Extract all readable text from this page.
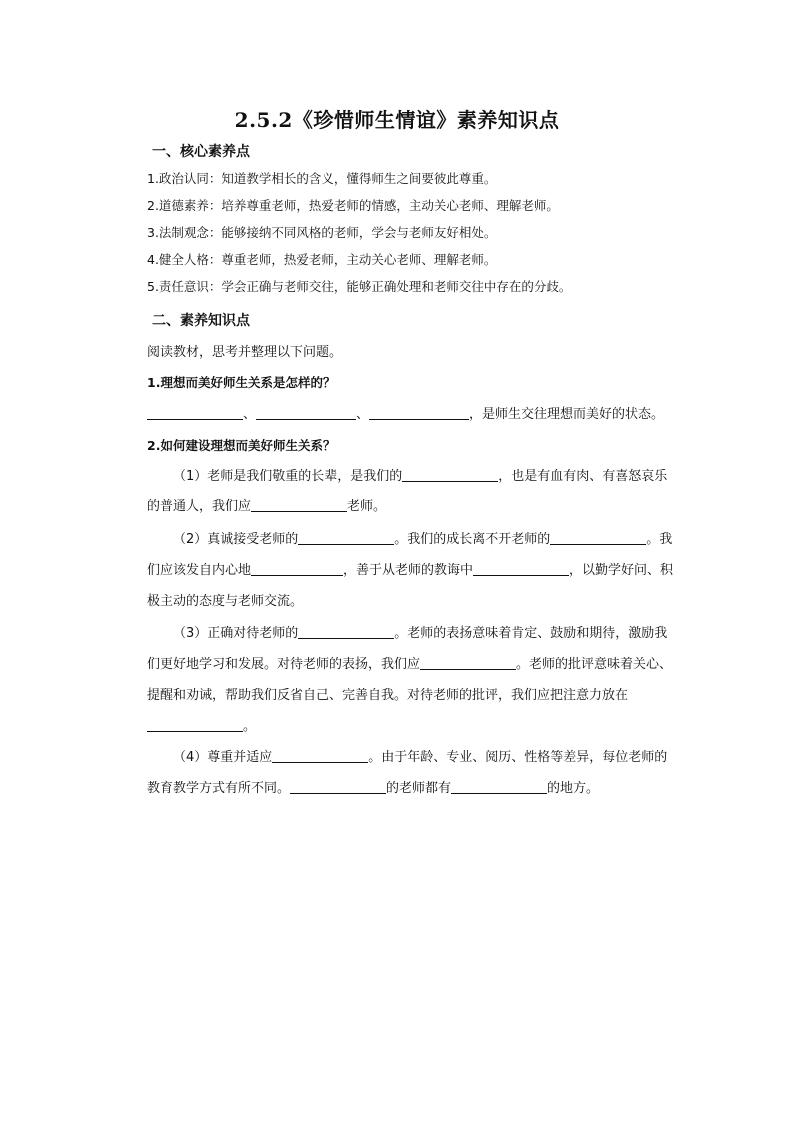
2.5.2《珍惜师生情谊》素养知识点
一、核心素养点
1.政治认同：知道教学相长的含义，懂得师生之间要彼此尊重。
2.道德素养：培养尊重老师，热爱老师的情感，主动关心老师、理解老师。
3.法制观念：能够接纳不同风格的老师，学会与老师友好相处。
4.健全人格：尊重老师，热爱老师，主动关心老师、理解老师。
5.责任意识：学会正确与老师交往，能够正确处理和老师交往中存在的分歧。
二、素养知识点
阅读教材，思考并整理以下问题。
1.理想而美好师生关系是怎样的？
、	、	，是师生交往理想而美好的状态。
2.如何建设理想而美好师生关系？
（1）老师是我们敬重的长辈，是我们的	，也是有血有肉、有喜怒哀乐
的普通人，我们应	老师。
（2）真诚接受老师的	。我们的成长离不开老师的	。我
们应该发自内心地	，善于从老师的教诲中	，以勤学好问、积
极主动的态度与老师交流。
（3）正确对待老师的	。老师的表扬意味着肯定、鼓励和期待，激励我
们更好地学习和发展。对待老师的表扬，我们应	。老师的批评意味着关心、
提醒和劝诫，帮助我们反省自己、完善自我。对待老师的批评，我们应把注意力放在
。
（4）尊重并适应	。由于年龄、专业、阅历、性格等差异，每位老师的
教育教学方式有所不同。	的老师都有	的地方。
